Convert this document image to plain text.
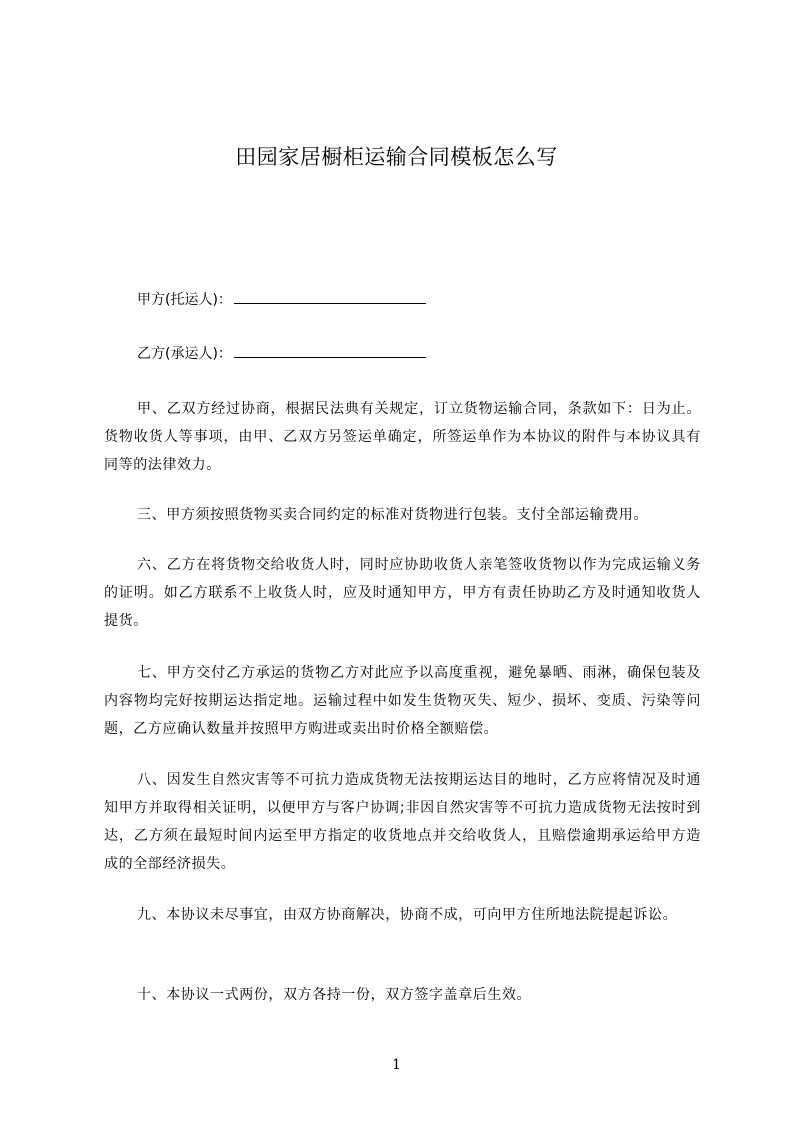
田园家居橱柜运输合同模板怎么写
甲方(托运人)：
乙方(承运人)：

甲、乙双方经过协商，根据民法典有关规定，订立货物运输合同，条款如下：日为止。货物收货人等事项，由甲、乙双方另签运单确定，所签运单作为本协议的附件与本协议具有同等的法律效力。

三、甲方须按照货物买卖合同约定的标准对货物进行包装。支付全部运输费用。

六、乙方在将货物交给收货人时，同时应协助收货人亲笔签收货物以作为完成运输义务的证明。如乙方联系不上收货人时，应及时通知甲方，甲方有责任协助乙方及时通知收货人提货。

七、甲方交付乙方承运的货物乙方对此应予以高度重视，避免暴晒、雨淋，确保包装及内容物均完好按期运达指定地。运输过程中如发生货物灭失、短少、损坏、变质、污染等问题，乙方应确认数量并按照甲方购进或卖出时价格全额赔偿。

八、因发生自然灾害等不可抗力造成货物无法按期运达目的地时，乙方应将情况及时通知甲方并取得相关证明，以便甲方与客户协调;非因自然灾害等不可抗力造成货物无法按时到达，乙方须在最短时间内运至甲方指定的收货地点并交给收货人，且赔偿逾期承运给甲方造成的全部经济损失。

九、本协议未尽事宜，由双方协商解决，协商不成，可向甲方住所地法院提起诉讼。

十、本协议一式两份，双方各持一份，双方签字盖章后生效。

1
